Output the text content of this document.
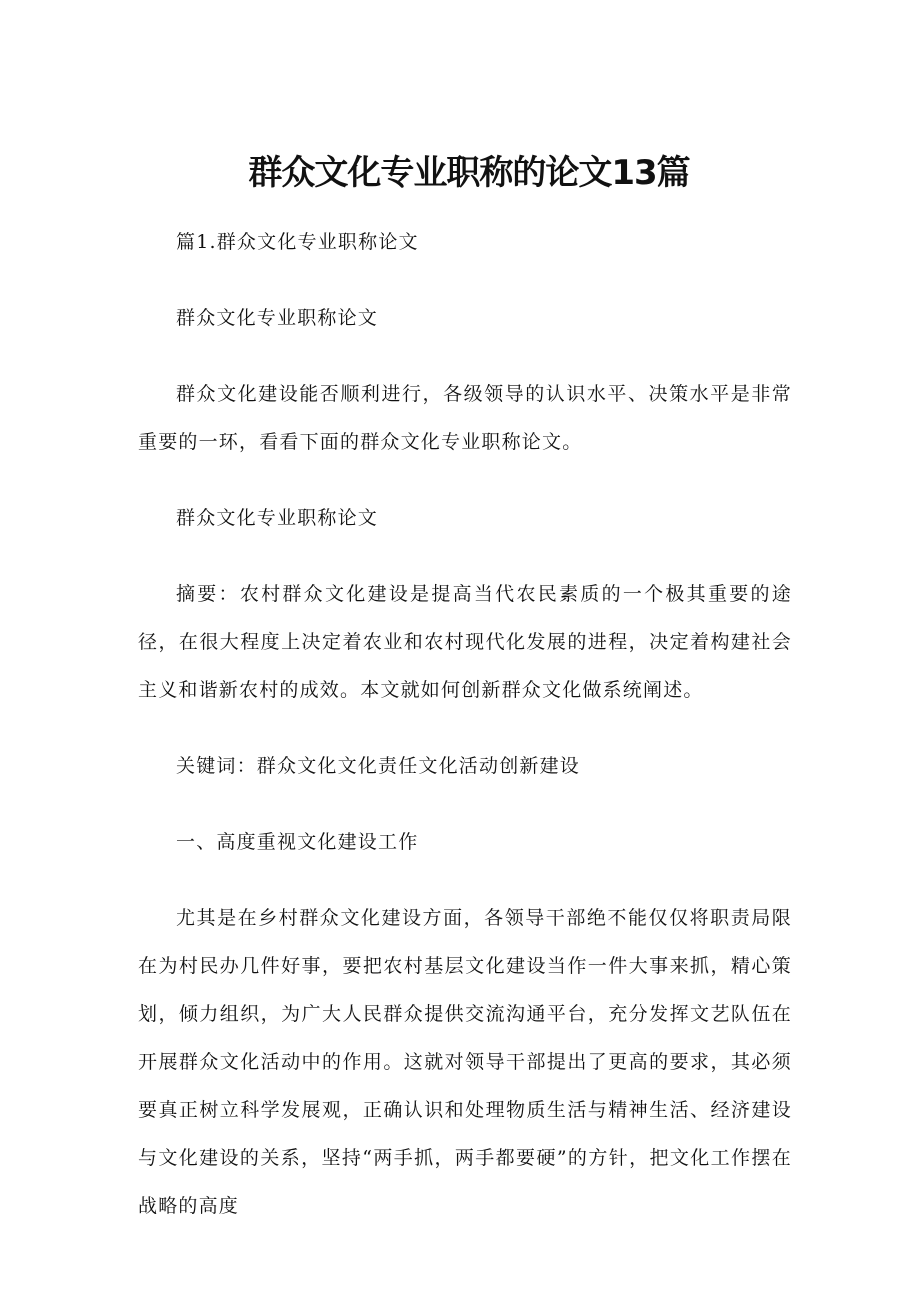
群众文化专业职称的论文13篇

篇1.群众文化专业职称论文

群众文化专业职称论文

群众文化建设能否顺利进行，各级领导的认识水平、决策水平是非常重要的一环，看看下面的群众文化专业职称论文。

群众文化专业职称论文

摘要：农村群众文化建设是提高当代农民素质的一个极其重要的途径，在很大程度上决定着农业和农村现代化发展的进程，决定着构建社会主义和谐新农村的成效。本文就如何创新群众文化做系统阐述。

关键词：群众文化文化责任文化活动创新建设

一、高度重视文化建设工作

尤其是在乡村群众文化建设方面，各领导干部绝不能仅仅将职责局限在为村民办几件好事，要把农村基层文化建设当作一件大事来抓，精心策划，倾力组织，为广大人民群众提供交流沟通平台，充分发挥文艺队伍在开展群众文化活动中的作用。这就对领导干部提出了更高的要求，其必须要真正树立科学发展观，正确认识和处理物质生活与精神生活、经济建设与文化建设的关系，坚持“两手抓，两手都要硬”的方针，把文化工作摆在战略的高度
